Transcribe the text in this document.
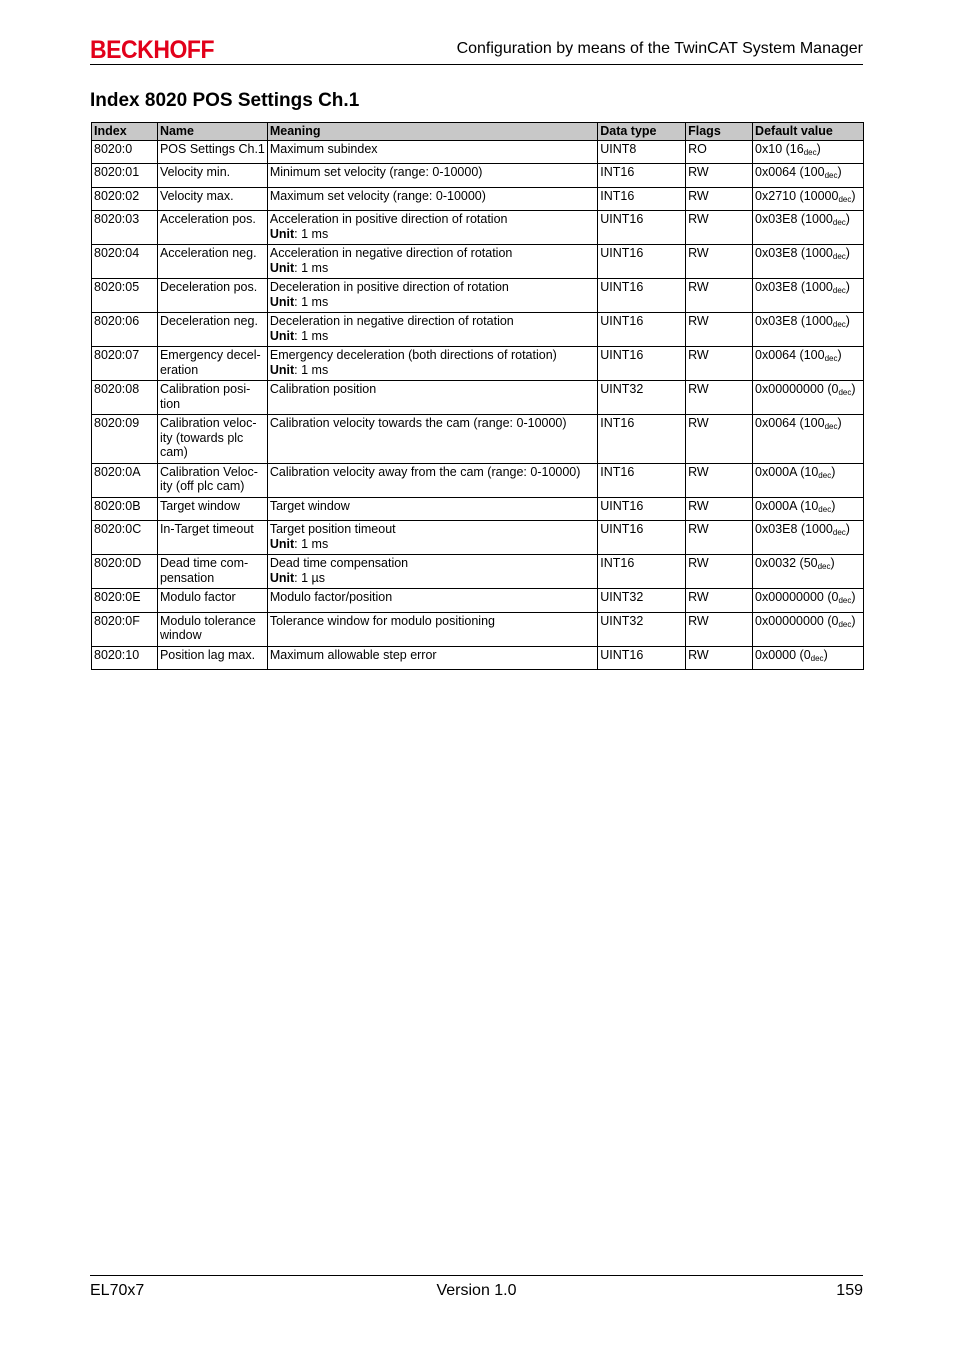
BECKHOFF	Configuration by means of the TwinCAT System Manager
Index 8020 POS Settings Ch.1
Index	Name	Meaning	Data type	Flags	Default value
8020:0	POS Settings Ch.1	Maximum subindex	UINT8	RO	0x10 $(16_{dec})$
8020:01	Velocity min.	Minimum set velocity (range: 0-10000)	INT16	RW	0x0064 $(100_{dec})$
8020:02	Velocity max.	Maximum set velocity (range: 0-10000)	INT16	RW	0x2710 $(10000_{dec})$
8020:03	Acceleration pos.	Acceleration in positive direction of rotation
Unit: 1 ms	UINT16	RW	0x03E8 $(1000_{dec})$
8020:04	Acceleration neg.	Acceleration in negative direction of rotation
Unit: 1 ms	UINT16	RW	0x03E8 $(1000_{dec})$
8020:05	Deceleration pos.	Deceleration in positive direction of rotation
Unit: 1 ms	UINT16	RW	0x03E8 $(1000_{dec})$
8020:06	Deceleration neg.	Deceleration in negative direction of rotation
Unit: 1 ms	UINT16	RW	0x03E8 $(1000_{dec})$
8020:07	Emergency decel- eration	Emergency deceleration (both directions of rotation)
Unit: 1 ms	UINT16	RW	0x0064 $(100_{dec})$
8020:08	Calibration posi- tion	Calibration position	UINT32	RW	0x00000000 $(0_{dec})$
8020:09	Calibration veloc- ity (towards plc cam)	Calibration velocity towards the cam (range: 0-10000)	INT16	RW	0x0064 $(100_{dec})$
8020:0A	Calibration Veloc- ity (off plc cam)	Calibration velocity away from the cam (range: 0-10000)	INT16	RW	0x000A $(10_{dec})$
8020:0B	Target window	Target window	UINT16	RW	0x000A $(10_{dec})$
8020:0C	In-Target timeout	Target position timeout
Unit: 1 ms	UINT16	RW	0x03E8 $(1000_{dec})$
8020:0D	Dead time com- pensation	Dead time compensation
Unit: 1 µs	INT16	RW	0x0032 $(50_{dec})$
8020:0E	Modulo factor	Modulo factor/position	UINT32	RW	0x00000000 $(0_{dec})$
8020:0F	Modulo tolerance window	Tolerance window for modulo positioning	UINT32	RW	0x00000000 $(0_{dec})$
8020:10	Position lag max.	Maximum allowable step error	UINT16	RW	0x0000 $(0_{dec})$
EL70x7	Version 1.0	159
